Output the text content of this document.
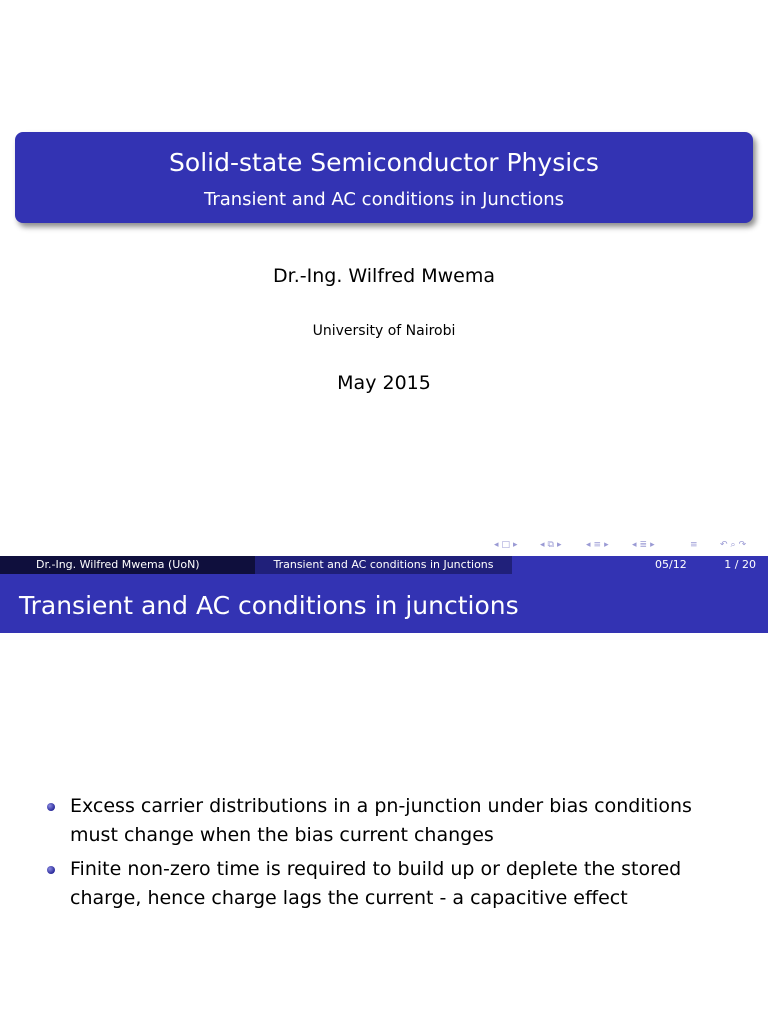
Solid-state Semiconductor Physics
Transient and AC conditions in Junctions
Dr.-Ing. Wilfred Mwema
University of Nairobi
May 2015
◂ □ ▸ ◂ ⧉ ▸	◂ ≡ ▸	◂ ≣ ▸	≡ ↶ ⌕ ↷
Dr.-Ing. Wilfred Mwema (UoN)	Transient and AC conditions in Junctions	05/12	1 / 20
Transient and AC conditions in junctions
Excess carrier distributions in a pn-junction under bias conditions must change when the bias current changes
Finite non-zero time is required to build up or deplete the stored charge, hence charge lags the current - a capacitive effect
